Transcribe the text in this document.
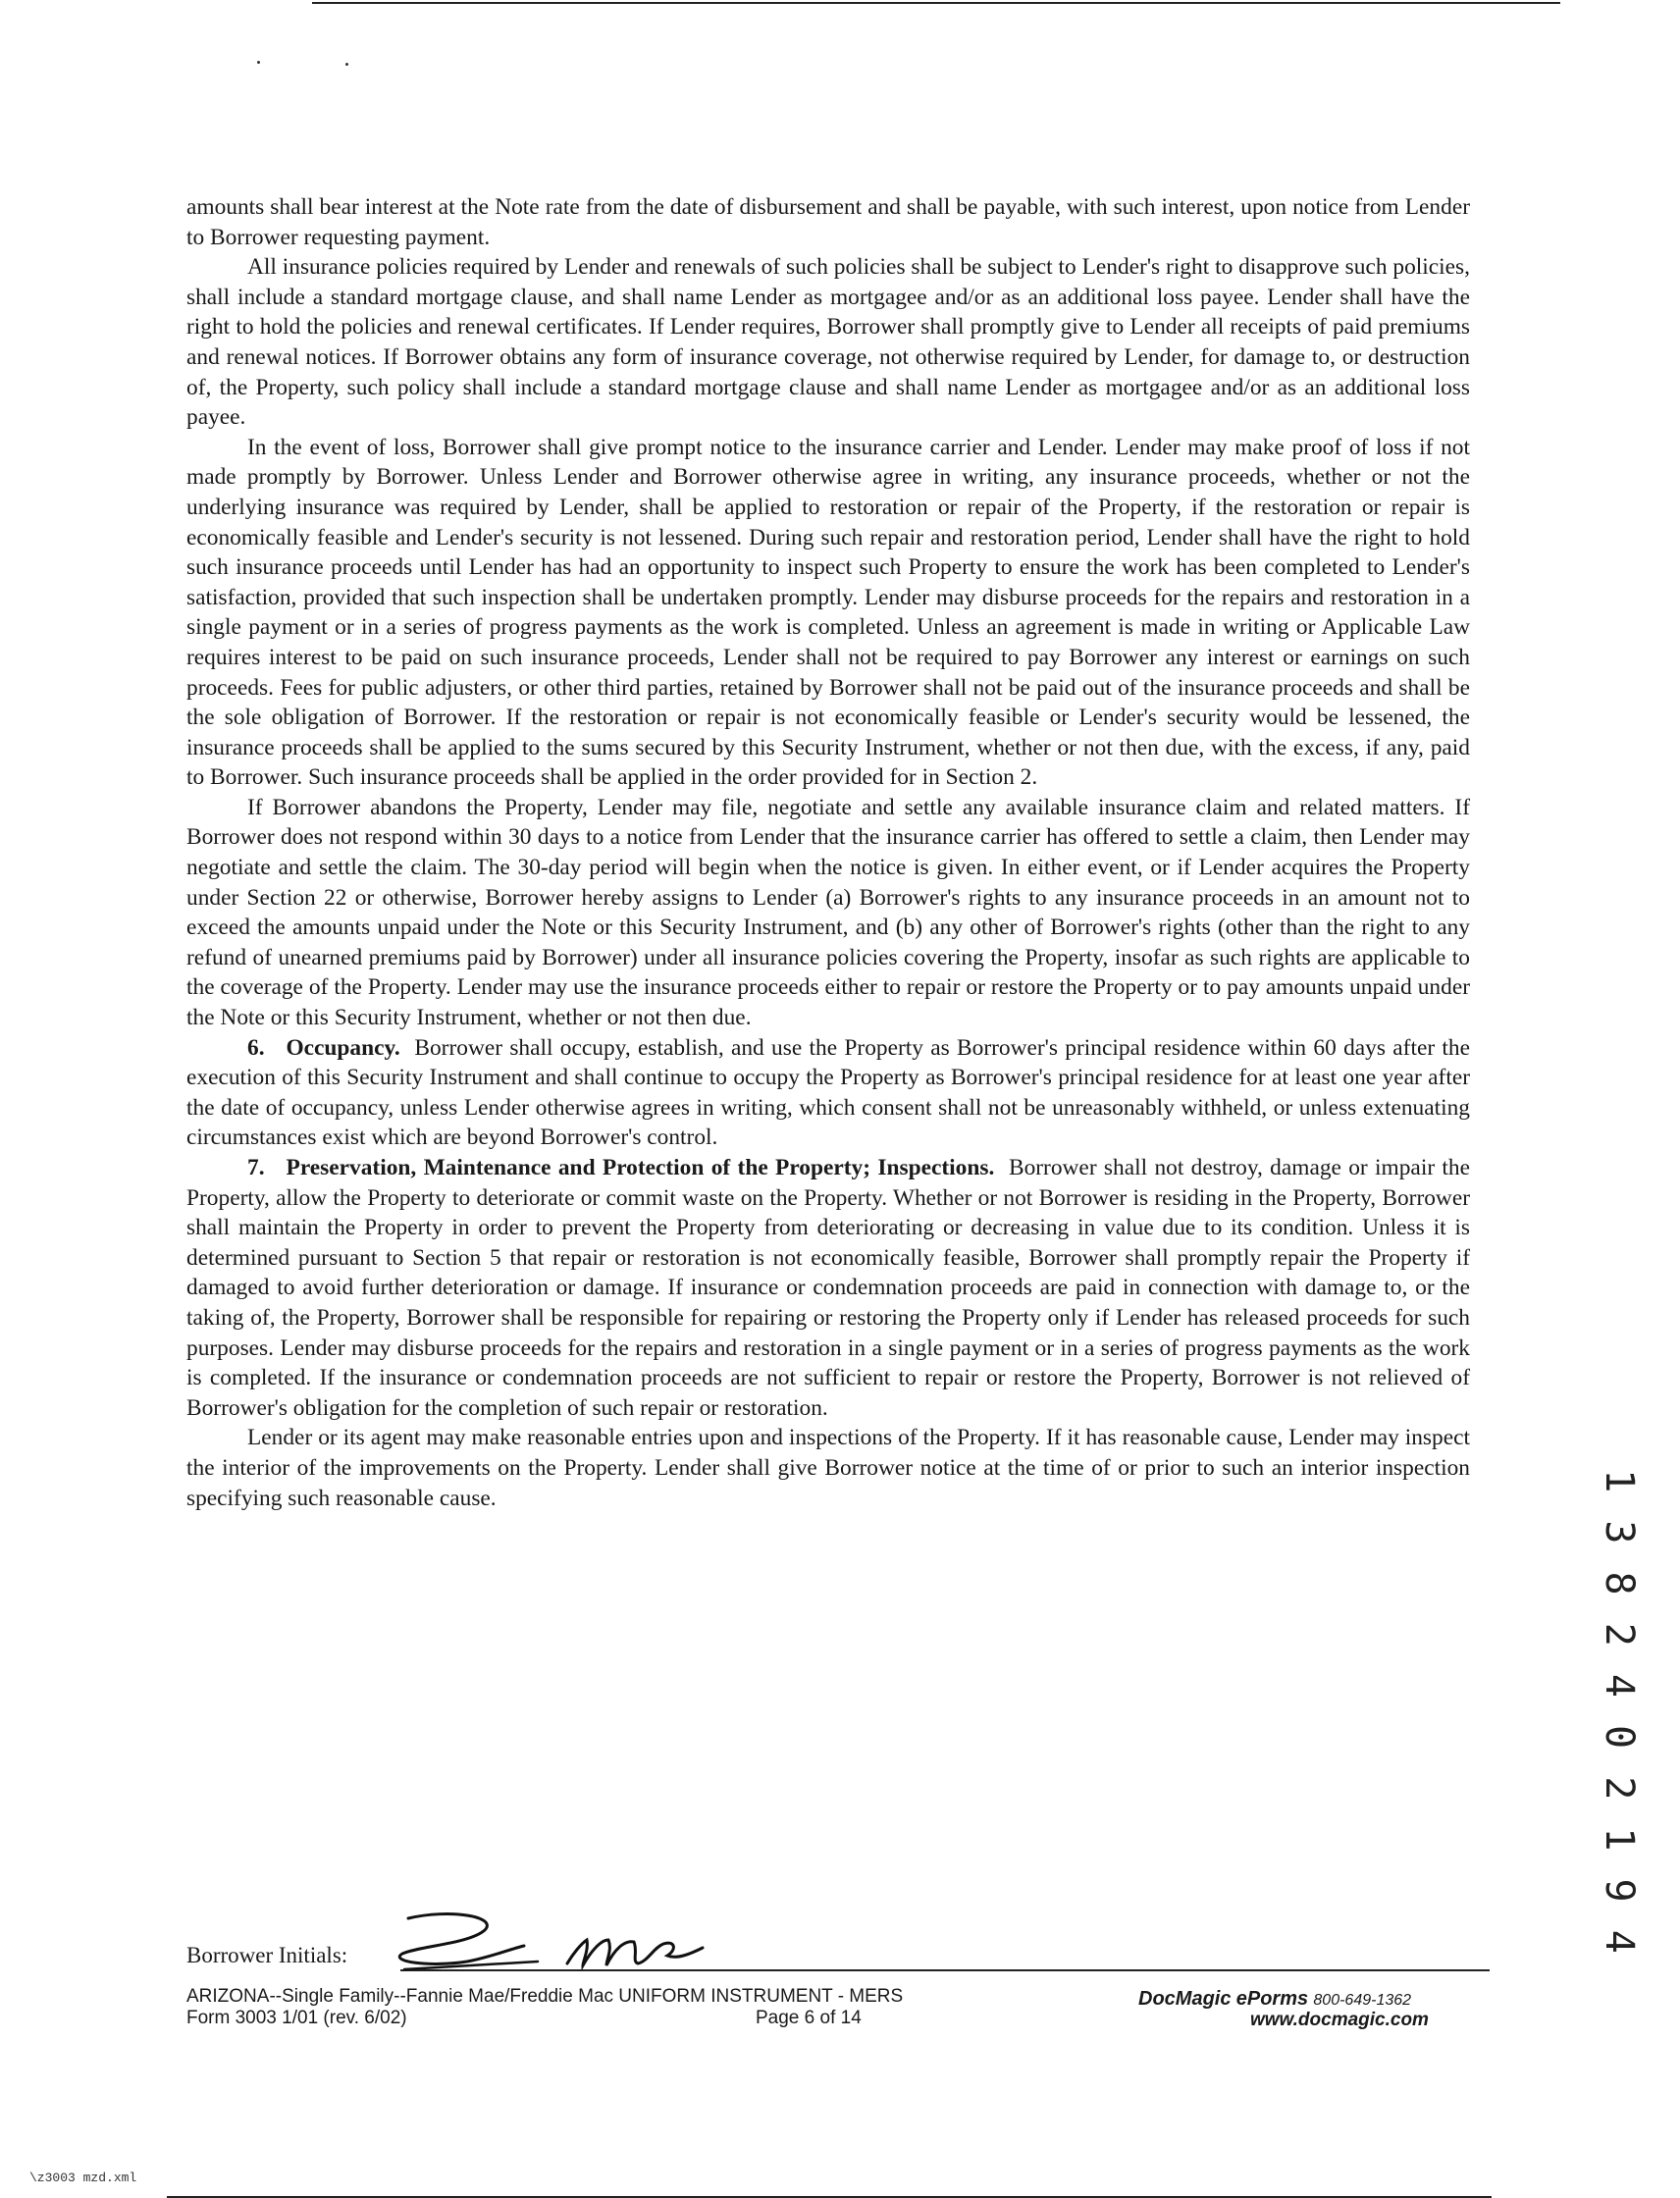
amounts shall bear interest at the Note rate from the date of disbursement and shall be payable, with such interest, upon notice from Lender to Borrower requesting payment.

All insurance policies required by Lender and renewals of such policies shall be subject to Lender's right to disapprove such policies, shall include a standard mortgage clause, and shall name Lender as mortgagee and/or as an additional loss payee. Lender shall have the right to hold the policies and renewal certificates. If Lender requires, Borrower shall promptly give to Lender all receipts of paid premiums and renewal notices. If Borrower obtains any form of insurance coverage, not otherwise required by Lender, for damage to, or destruction of, the Property, such policy shall include a standard mortgage clause and shall name Lender as mortgagee and/or as an additional loss payee.

In the event of loss, Borrower shall give prompt notice to the insurance carrier and Lender. Lender may make proof of loss if not made promptly by Borrower. Unless Lender and Borrower otherwise agree in writing, any insurance proceeds, whether or not the underlying insurance was required by Lender, shall be applied to restoration or repair of the Property, if the restoration or repair is economically feasible and Lender's security is not lessened. During such repair and restoration period, Lender shall have the right to hold such insurance proceeds until Lender has had an opportunity to inspect such Property to ensure the work has been completed to Lender's satisfaction, provided that such inspection shall be undertaken promptly. Lender may disburse proceeds for the repairs and restoration in a single payment or in a series of progress payments as the work is completed. Unless an agreement is made in writing or Applicable Law requires interest to be paid on such insurance proceeds, Lender shall not be required to pay Borrower any interest or earnings on such proceeds. Fees for public adjusters, or other third parties, retained by Borrower shall not be paid out of the insurance proceeds and shall be the sole obligation of Borrower. If the restoration or repair is not economically feasible or Lender's security would be lessened, the insurance proceeds shall be applied to the sums secured by this Security Instrument, whether or not then due, with the excess, if any, paid to Borrower. Such insurance proceeds shall be applied in the order provided for in Section 2.

If Borrower abandons the Property, Lender may file, negotiate and settle any available insurance claim and related matters. If Borrower does not respond within 30 days to a notice from Lender that the insurance carrier has offered to settle a claim, then Lender may negotiate and settle the claim. The 30-day period will begin when the notice is given. In either event, or if Lender acquires the Property under Section 22 or otherwise, Borrower hereby assigns to Lender (a) Borrower's rights to any insurance proceeds in an amount not to exceed the amounts unpaid under the Note or this Security Instrument, and (b) any other of Borrower's rights (other than the right to any refund of unearned premiums paid by Borrower) under all insurance policies covering the Property, insofar as such rights are applicable to the coverage of the Property. Lender may use the insurance proceeds either to repair or restore the Property or to pay amounts unpaid under the Note or this Security Instrument, whether or not then due.

6. Occupancy. Borrower shall occupy, establish, and use the Property as Borrower's principal residence within 60 days after the execution of this Security Instrument and shall continue to occupy the Property as Borrower's principal residence for at least one year after the date of occupancy, unless Lender otherwise agrees in writing, which consent shall not be unreasonably withheld, or unless extenuating circumstances exist which are beyond Borrower's control.

7. Preservation, Maintenance and Protection of the Property; Inspections. Borrower shall not destroy, damage or impair the Property, allow the Property to deteriorate or commit waste on the Property. Whether or not Borrower is residing in the Property, Borrower shall maintain the Property in order to prevent the Property from deteriorating or decreasing in value due to its condition. Unless it is determined pursuant to Section 5 that repair or restoration is not economically feasible, Borrower shall promptly repair the Property if damaged to avoid further deterioration or damage. If insurance or condemnation proceeds are paid in connection with damage to, or the taking of, the Property, Borrower shall be responsible for repairing or restoring the Property only if Lender has released proceeds for such purposes. Lender may disburse proceeds for the repairs and restoration in a single payment or in a series of progress payments as the work is completed. If the insurance or condemnation proceeds are not sufficient to repair or restore the Property, Borrower is not relieved of Borrower's obligation for the completion of such repair or restoration.

Lender or its agent may make reasonable entries upon and inspections of the Property. If it has reasonable cause, Lender may inspect the interior of the improvements on the Property. Lender shall give Borrower notice at the time of or prior to such an interior inspection specifying such reasonable cause.

Borrower Initials:
ARIZONA--Single Family--Fannie Mae/Freddie Mac UNIFORM INSTRUMENT - MERS
Form 3003 1/01 (rev. 6/02)	Page 6 of 14
DocMagic ePorms 800-649-1362
www.docmagic.com
1 3 8 2 4 0 2 1 9 4
\z3003 mzd.xml
